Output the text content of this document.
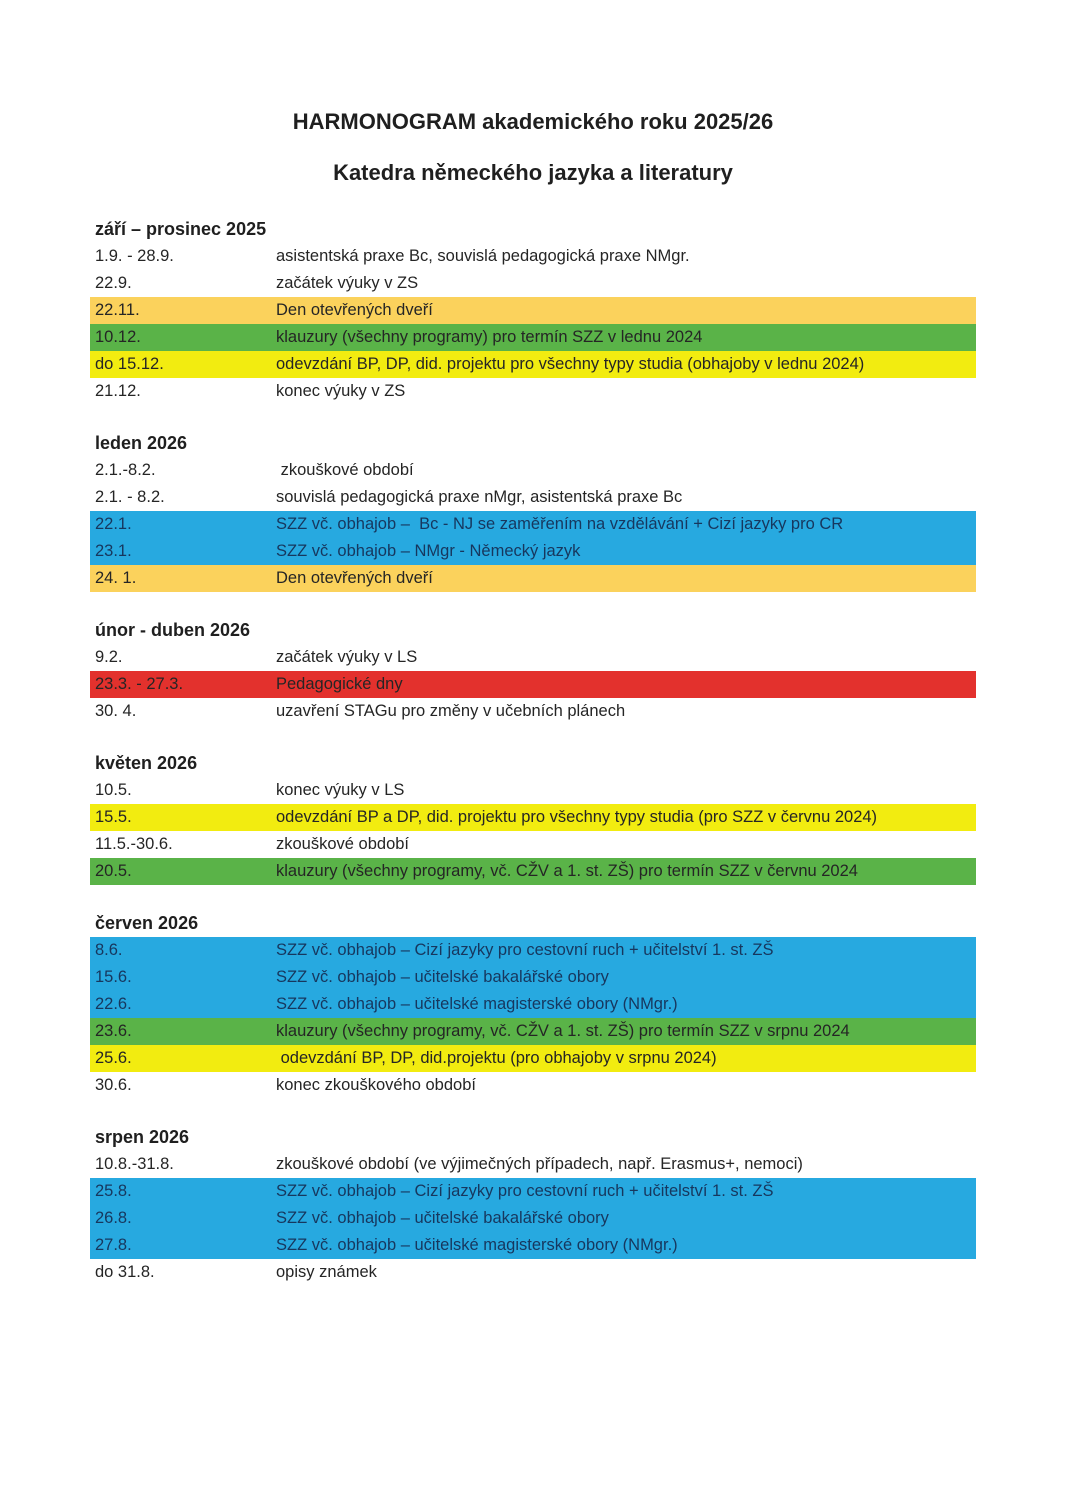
HARMONOGRAM akademického roku 2025/26
Katedra německého jazyka a literatury
září – prosinec 2025
1.9. - 28.9.	asistentská praxe Bc, souvislá pedagogická praxe NMgr.
22.9.	začátek výuky v ZS
22.11.	Den otevřených dveří
10.12.	klauzury (všechny programy) pro termín SZZ v lednu 2024
do 15.12.	odevzdání BP, DP, did. projektu pro všechny typy studia (obhajoby v lednu 2024)
21.12.	konec výuky v ZS
leden 2026
2.1.-8.2.	zkouškové období
2.1. - 8.2.	souvislá pedagogická praxe nMgr, asistentská praxe Bc
22.1.	SZZ vč. obhajob –  Bc - NJ se zaměřením na vzdělávání + Cizí jazyky pro CR
23.1.	SZZ vč. obhajob – NMgr - Německý jazyk
24. 1.	Den otevřených dveří
únor - duben 2026
9.2.	začátek výuky v LS
23.3. - 27.3.	Pedagogické dny
30. 4.	uzavření STAGu pro změny v učebních plánech
květen 2026
10.5.	konec výuky v LS
15.5.	odevzdání BP a DP, did. projektu pro všechny typy studia (pro SZZ v červnu 2024)
11.5.-30.6.	zkouškové období
20.5.	klauzury (všechny programy, vč. CŽV a 1. st. ZŠ) pro termín SZZ v červnu 2024
červen 2026
8.6.	SZZ vč. obhajob – Cizí jazyky pro cestovní ruch + učitelství 1. st. ZŠ
15.6.	SZZ vč. obhajob – učitelské bakalářské obory
22.6.	SZZ vč. obhajob – učitelské magisterské obory (NMgr.)
23.6.	klauzury (všechny programy, vč. CŽV a 1. st. ZŠ) pro termín SZZ v srpnu 2024
25.6.	odevzdání BP, DP, did.projektu (pro obhajoby v srpnu 2024)
30.6.	konec zkouškového období
srpen 2026
10.8.-31.8.	zkouškové období (ve výjimečných případech, např. Erasmus+, nemoci)
25.8.	SZZ vč. obhajob – Cizí jazyky pro cestovní ruch + učitelství 1. st. ZŠ
26.8.	SZZ vč. obhajob – učitelské bakalářské obory
27.8.	SZZ vč. obhajob – učitelské magisterské obory (NMgr.)
do 31.8.	opisy známek
